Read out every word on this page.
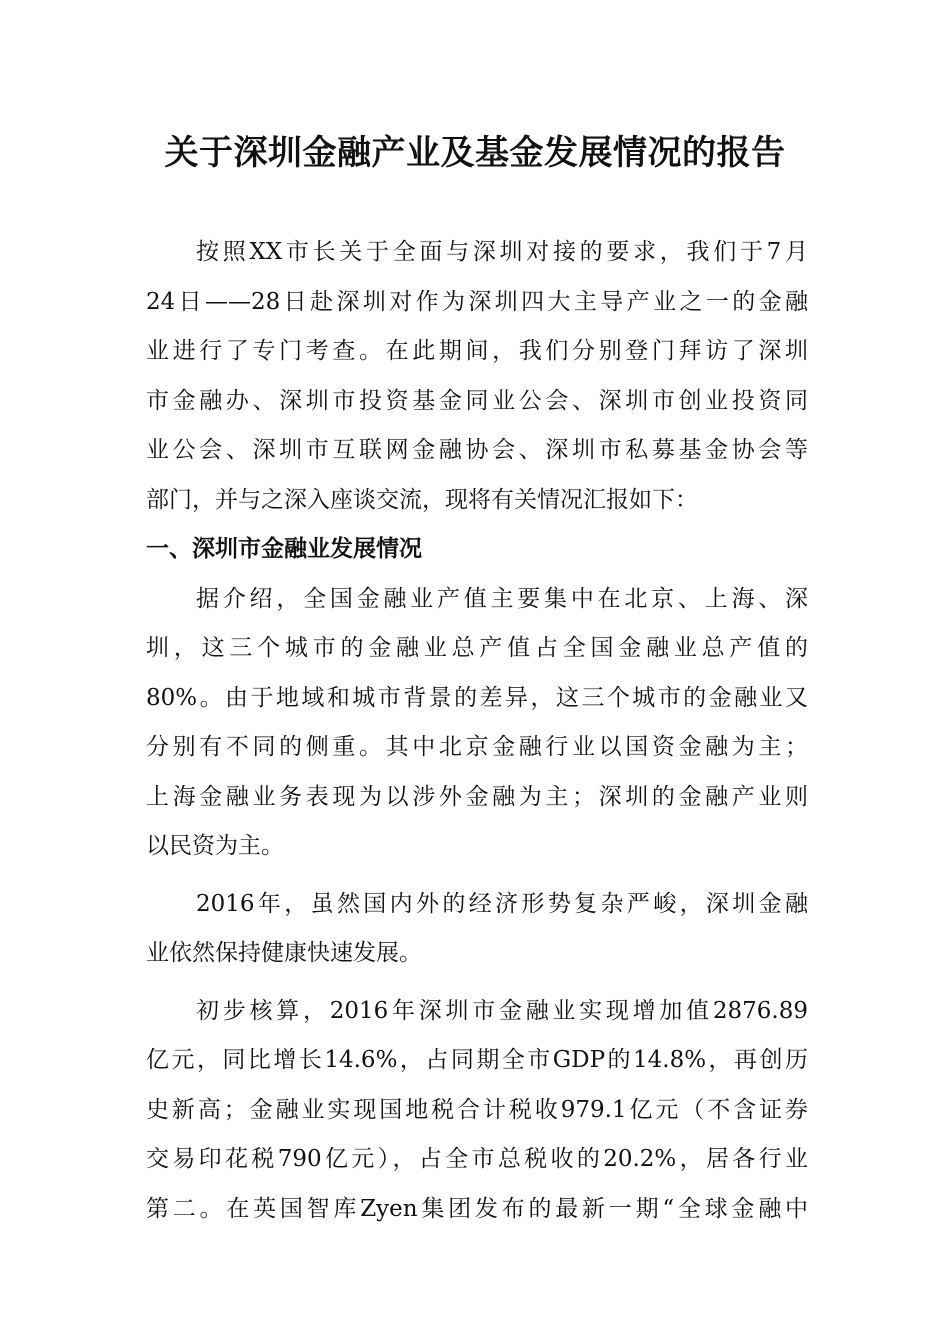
关于深圳金融产业及基金发展情况的报告
按照XX市长关于全面与深圳对接的要求，我们于7月
24日——28日赴深圳对作为深圳四大主导产业之一的金融
业进行了专门考查。在此期间，我们分别登门拜访了深圳
市金融办、深圳市投资基金同业公会、深圳市创业投资同
业公会、深圳市互联网金融协会、深圳市私募基金协会等
部门，并与之深入座谈交流，现将有关情况汇报如下：
一、深圳市金融业发展情况
据介绍，全国金融业产值主要集中在北京、上海、深
圳，这三个城市的金融业总产值占全国金融业总产值的
80%。由于地域和城市背景的差异，这三个城市的金融业又
分别有不同的侧重。其中北京金融行业以国资金融为主；
上海金融业务表现为以涉外金融为主；深圳的金融产业则
以民资为主。
2016年，虽然国内外的经济形势复杂严峻，深圳金融
业依然保持健康快速发展。
初步核算，2016年深圳市金融业实现增加值2876.89
亿元，同比增长14.6%，占同期全市GDP的14.8%，再创历
史新高；金融业实现国地税合计税收979.1亿元（不含证券
交易印花税790亿元），占全市总税收的20.2%，居各行业
第二。在英国智库Zyen集团发布的最新一期“全球金融中
